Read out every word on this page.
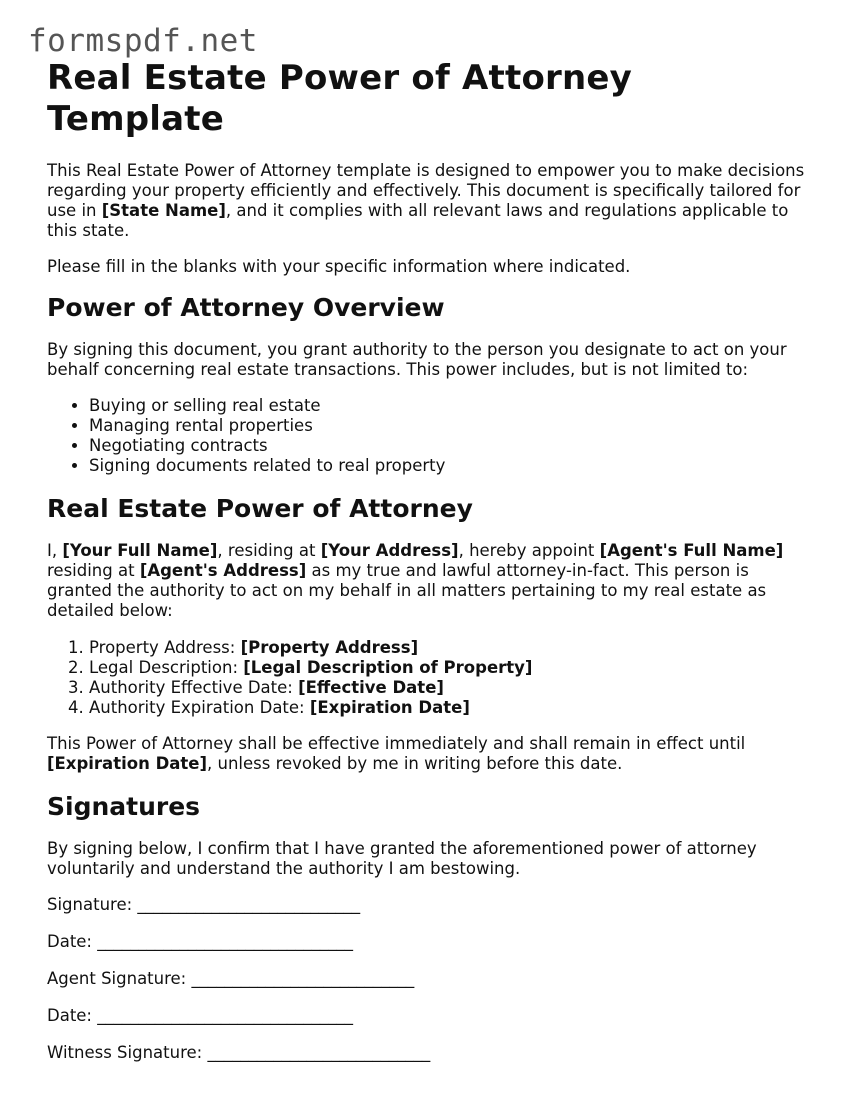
formspdf.net
Real Estate Power of Attorney Template

This Real Estate Power of Attorney template is designed to empower you to make decisions regarding your property efficiently and effectively. This document is specifically tailored for use in [State Name], and it complies with all relevant laws and regulations applicable to this state.

Please fill in the blanks with your specific information where indicated.

Power of Attorney Overview

By signing this document, you grant authority to the person you designate to act on your behalf concerning real estate transactions. This power includes, but is not limited to:

• Buying or selling real estate
• Managing rental properties
• Negotiating contracts
• Signing documents related to real property
Real Estate Power of Attorney

I, [Your Full Name], residing at [Your Address], hereby appoint [Agent's Full Name] residing at [Agent's Address] as my true and lawful attorney-in-fact. This person is granted the authority to act on my behalf in all matters pertaining to my real estate as detailed below:

1. Property Address: [Property Address]
2. Legal Description: [Legal Description of Property]
3. Authority Effective Date: [Effective Date]
4. Authority Expiration Date: [Expiration Date]

This Power of Attorney shall be effective immediately and shall remain in effect until [Expiration Date], unless revoked by me in writing before this date.

Signatures

By signing below, I confirm that I have granted the aforementioned power of attorney voluntarily and understand the authority I am bestowing.

Signature: ___________________________

Date: _______________________________

Agent Signature: ___________________________

Date: _______________________________

Witness Signature: ___________________________
